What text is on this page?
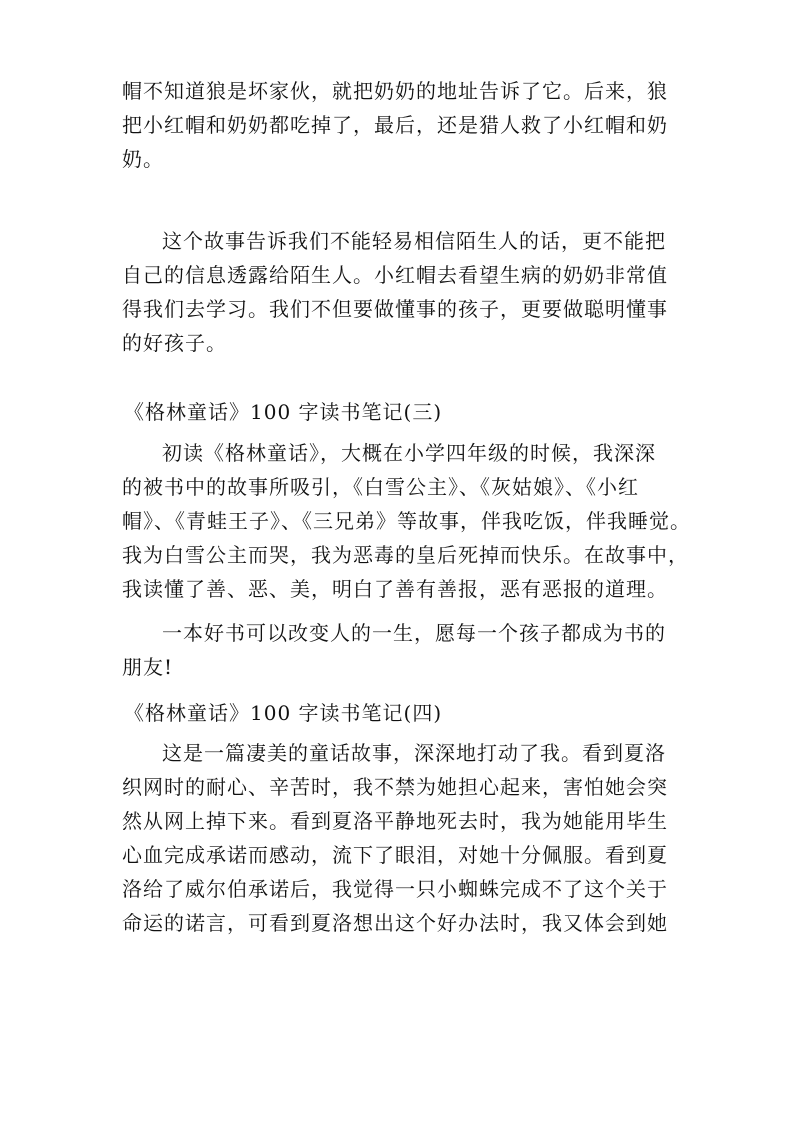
帽不知道狼是坏家伙，就把奶奶的地址告诉了它。后来，狼
把小红帽和奶奶都吃掉了，最后，还是猎人救了小红帽和奶
奶。
这个故事告诉我们不能轻易相信陌生人的话，更不能把
自己的信息透露给陌生人。小红帽去看望生病的奶奶非常值
得我们去学习。我们不但要做懂事的孩子，更要做聪明懂事
的好孩子。
《格林童话》100 字读书笔记(三)
初读《格林童话》，大概在小学四年级的时候，我深深
的被书中的故事所吸引，《白雪公主》、《灰姑娘》、《小红
帽》、《青蛙王子》、《三兄弟》等故事，伴我吃饭，伴我睡觉。
我为白雪公主而哭，我为恶毒的皇后死掉而快乐。在故事中，
我读懂了善、恶、美，明白了善有善报，恶有恶报的道理。
一本好书可以改变人的一生，愿每一个孩子都成为书的
朋友!
《格林童话》100 字读书笔记(四)
这是一篇凄美的童话故事，深深地打动了我。看到夏洛
织网时的耐心、辛苦时，我不禁为她担心起来，害怕她会突
然从网上掉下来。看到夏洛平静地死去时，我为她能用毕生
心血完成承诺而感动，流下了眼泪，对她十分佩服。看到夏
洛给了威尔伯承诺后，我觉得一只小蜘蛛完成不了这个关于
命运的诺言，可看到夏洛想出这个好办法时，我又体会到她
